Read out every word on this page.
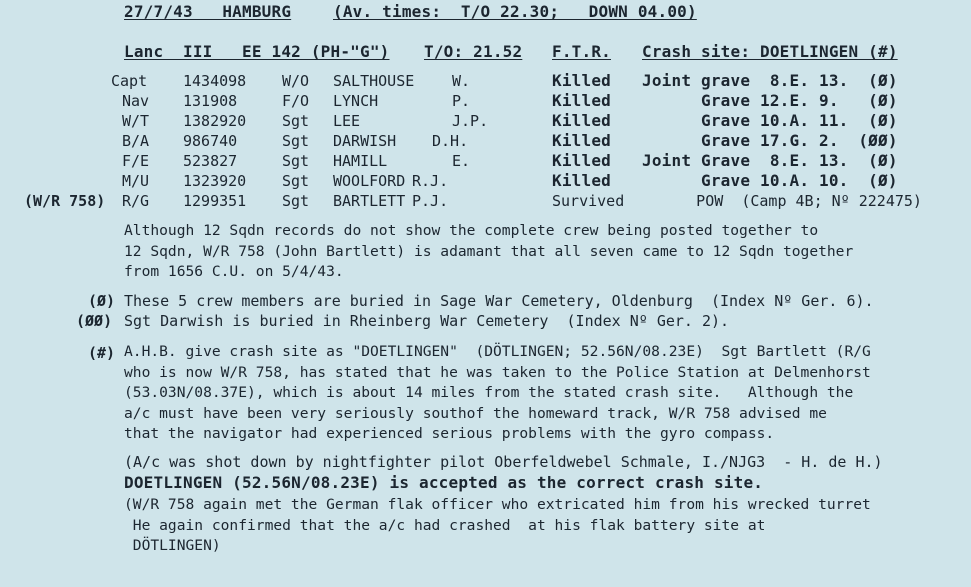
27/7/43   HAMBURG	(Av. times:  T/O 22.30;   DOWN 04.00)
Lanc  III   EE 142 (PH-"G") T/O: 21.52 F.T.R. Crash site: DOETLINGEN (#)
Capt 1434098 W/O SALTHOUSE	W.	Killed Joint grave  8.E. 13.  (Ø)
Nav 131908	F/O LYNCH	P.	Killed Grave 12.E. 9.   (Ø)
W/T 1382920 Sgt LEE	J.P.	Killed Grave 10.A. 11.  (Ø)
B/A 986740	Sgt DARWISH D.H.	Killed Grave 17.G. 2.  (ØØ)
F/E 523827	Sgt HAMILL	E.	Killed Joint Grave  8.E. 13.  (Ø)
M/U 1323920 Sgt WOOLFORD R.J.	Killed Grave 10.A. 10.  (Ø)
(W/R 758) R/G 1299351 Sgt BARTLETT P.J.	Survived POW  (Camp 4B; Nº 222475)
Although 12 Sqdn records do not show the complete crew being posted together to
12 Sqdn, W/R 758 (John Bartlett) is adamant that all seven came to 12 Sqdn together
from 1656 C.U. on 5/4/43.
(Ø) These 5 crew members are buried in Sage War Cemetery, Oldenburg  (Index Nº Ger. 6).
(ØØ) Sgt Darwish is buried in Rheinberg War Cemetery  (Index Nº Ger. 2).
(#) A.H.B. give crash site as "DOETLINGEN"  (DÖTLINGEN; 52.56N/08.23E)  Sgt Bartlett (R/G
who is now W/R 758, has stated that he was taken to the Police Station at Delmenhorst
(53.03N/08.37E), which is about 14 miles from the stated crash site.   Although the
a/c must have been very seriously southof the homeward track, W/R 758 advised me
that the navigator had experienced serious problems with the gyro compass.
(A/c was shot down by nightfighter pilot Oberfeldwebel Schmale, I./NJG3  - H. de H.)
DOETLINGEN (52.56N/08.23E) is accepted as the correct crash site.
(W/R 758 again met the German flak officer who extricated him from his wrecked turret
He again confirmed that the a/c had crashed  at his flak battery site at
DÖTLINGEN)
